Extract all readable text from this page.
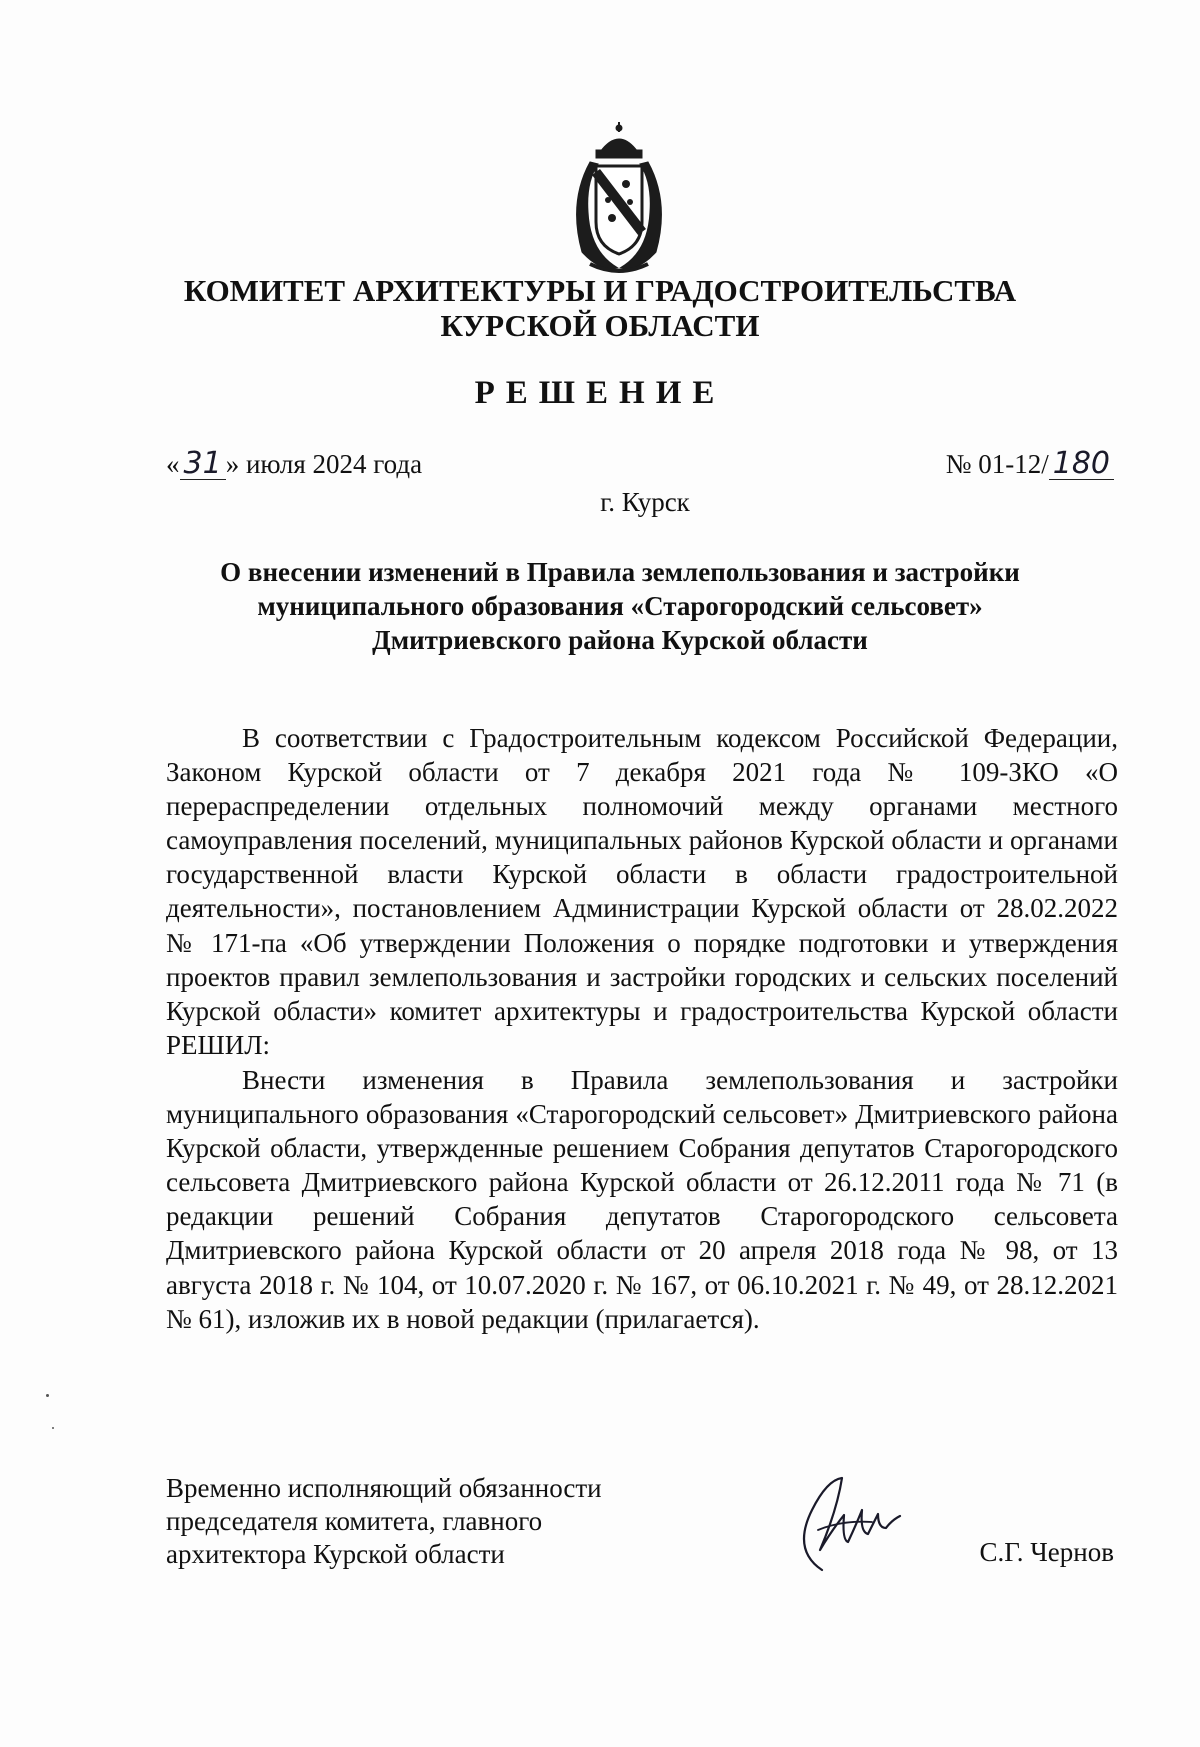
КОМИТЕТ АРХИТЕКТУРЫ И ГРАДОСТРОИТЕЛЬСТВА
КУРСКОЙ ОБЛАСТИ
РЕШЕНИЕ
« 31 » июля 2024 года	№ 01-12/ 180
г. Курск
О внесении изменений в Правила землепользования и застройки
муниципального образования «Старогородский сельсовет»
Дмитриевского района Курской области

В соответствии с Градостроительным кодексом Российской Федерации, Законом Курской области от 7 декабря 2021 года № 109-ЗКО «О перераспределении отдельных полномочий между органами местного самоуправления поселений, муниципальных районов Курской области и органами государственной власти Курской области в области градостроительной деятельности», постановлением Администрации Курской области от 28.02.2022 № 171-па «Об утверждении Положения о порядке подготовки и утверждения проектов правил землепользования и застройки городских и сельских поселений Курской области» комитет архитектуры и градостроительства Курской области РЕШИЛ:

Внести изменения в Правила землепользования и застройки муниципального образования «Старогородский сельсовет» Дмитриевского района Курской области, утвержденные решением Собрания депутатов Старогородского сельсовета Дмитриевского района Курской области от 26.12.2011 года № 71 (в редакции решений Собрания депутатов Старогородского сельсовета Дмитриевского района Курской области от 20 апреля 2018 года № 98, от 13 августа 2018 г. № 104, от 10.07.2020 г. № 167, от 06.10.2021 г. № 49, от 28.12.2021 № 61), изложив их в новой редакции (прилагается).

Временно исполняющий обязанности
председателя комитета, главного
архитектора Курской области	С.Г. Чернов
